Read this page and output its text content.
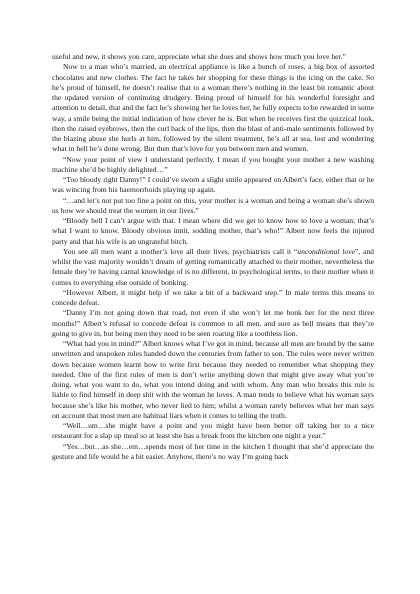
useful and new, it shows you care, appreciate what she does and shows how much you love her.”

Now to a man who’s married, an electrical appliance is like a bunch of roses, a big box of assorted chocolates and new clothes. The fact he takes her shopping for these things is the icing on the cake. So he’s proud of himself, he doesn’t realise that to a woman there’s nothing in the least bit romantic about the updated version of continuing drudgery. Being proud of himself for his wonderful foresight and attention to detail, that and the fact he’s showing her he loves her, he fully expects to be rewarded in some way, a smile being the initial indication of how clever he is. But when he receives first the quizzical look, then the raised eyebrows, then the curl back of the lips, then the blast of anti-male sentiments followed by the blazing abuse she hurls at him, followed by the silent treatment, he’s all at sea, lost and wondering what in hell he’s done wrong. But then that’s love for you between men and women.

“Now your point of view I understand perfectly. I mean if you bought your mother a new washing machine she’d be highly delighted…”

“Too bloody right Danny!” I could’ve sworn a slight smile appeared on Albert’s face, either that or he was wincing from his haemorrhoids playing up again.

“…and let’s not put too fine a point on this, your mother is a woman and being a woman she’s shown us how we should treat the women in our lives.”

“Bloody hell I can’t argue with that. I mean where did we get to know how to love a woman; that’s what I want to know. Bloody obvious innit, sodding mother, that’s who!” Albert now feels the injured party and that his wife is an ungrateful bitch.

You see all men want a mother’s love all their lives, psychiatrists call it “unconditional love”, and whilst the vast majority wouldn’t dream of getting romantically attached to their mother, nevertheless the female they’re having carnal knowledge of is no different, in psychological terms, to their mother when it comes to everything else outside of bonking.

“However Albert, it might help if we take a bit of a backward step.” In male terms this means to concede defeat.

“Danny I’m not going down that road, not even if she won’t let me bonk her for the next three months!” Albert’s refusal to concede defeat is common to all men, and sure as hell means that they’re going to give in, but being men they need to be seen roaring like a toothless lion.

“What had you in mind?” Albert knows what I’ve got in mind, because all men are bound by the same unwritten and unspoken rules handed down the centuries from father to son. The rules were never written down because women learnt how to write first because they needed to remember what shopping they needed. One of the first rules of men is don’t write anything down that might give away what you’re doing, what you want to do, what you intend doing and with whom. Any man who breaks this rule is liable to find himself in deep shit with the woman he loves. A man tends to believe what his woman says because she’s like his mother, who never lied to him; whilst a woman rarely believes what her man says on account that most men are habitual liars when it comes to telling the truth.

“Well…um…she might have a point and you might have been better off taking her to a nice restaurant for a slap up meal so at least she has a break from the kitchen one night a year.”

“Yes…but…as she…em…spends most of her time in the kitchen I thought that she’d appreciate the gesture and life would be a bit easier. Anyhow, there’s no way I’m going back
